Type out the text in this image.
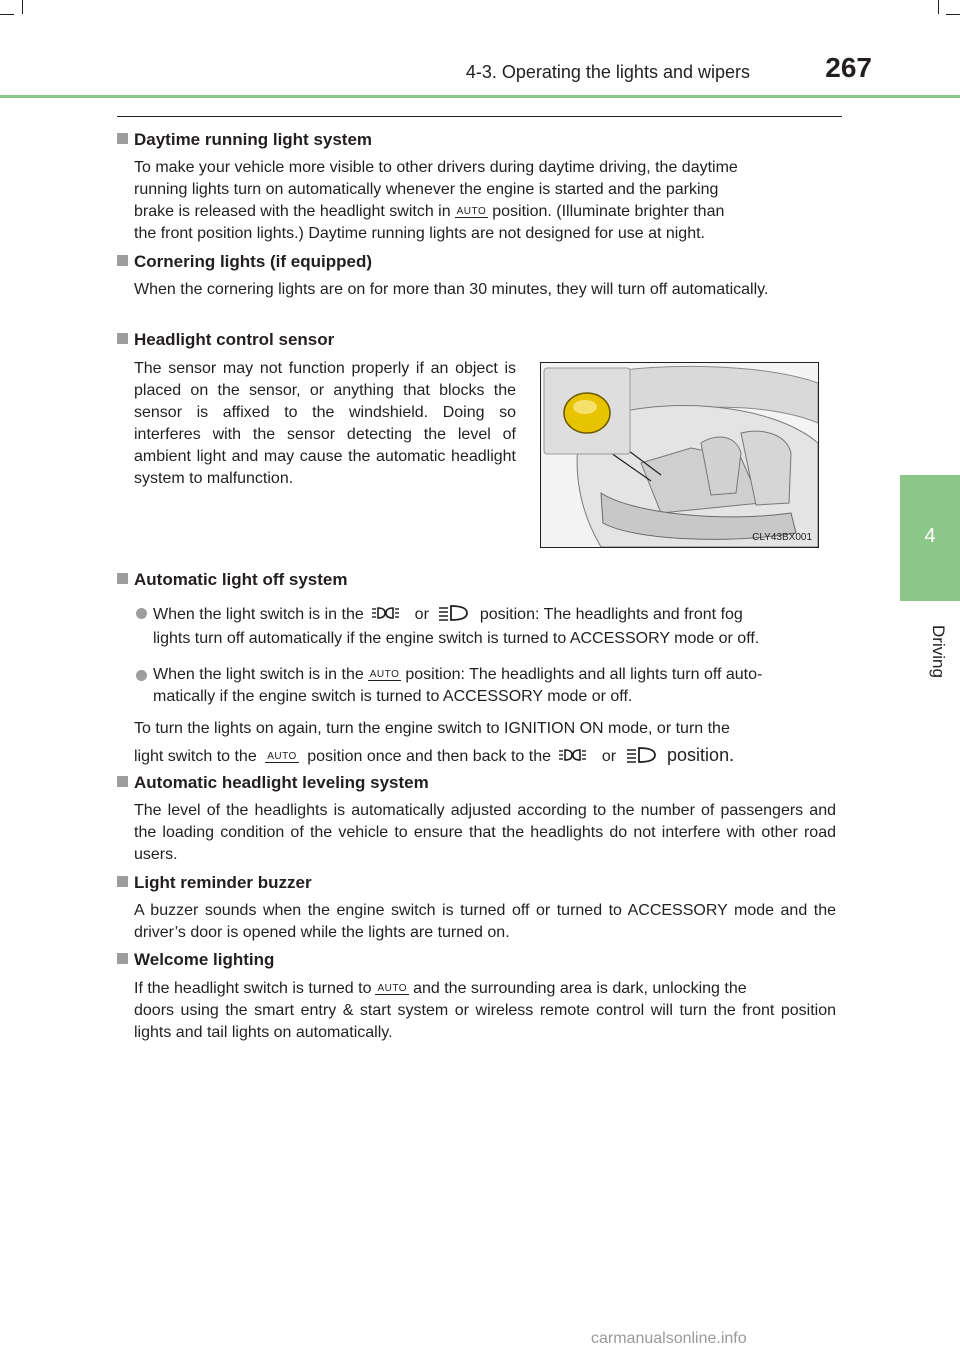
4-3. Operating the lights and wipers	267
4
Driving
Daytime running light system
To make your vehicle more visible to other drivers during daytime driving, the daytime
running lights turn on automatically whenever the engine is started and the parking
brake is released with the headlight switch in AUTO position. (Illuminate brighter than
the front position lights.) Daytime running lights are not designed for use at night.
Cornering lights (if equipped)
When the cornering lights are on for more than 30 minutes, they will turn off automatically.
Headlight control sensor
The sensor may not function properly if an object is placed on the sensor, or anything that blocks the sensor is affixed to the windshield. Doing so interferes with the sensor detecting the level of ambient light and may cause the automatic headlight system to malfunction.
CLY43BX001
Automatic light off system
When the light switch is in the	or	position: The headlights and front fog
lights turn off automatically if the engine switch is turned to ACCESSORY mode or off.
When the light switch is in the AUTO position: The headlights and all lights turn off auto-
matically if the engine switch is turned to ACCESSORY mode or off.
To turn the lights on again, turn the engine switch to IGNITION ON mode, or turn the
light switch to the AUTO position once and then back to the	or	position.
Automatic headlight leveling system
The level of the headlights is automatically adjusted according to the number of passengers and the loading condition of the vehicle to ensure that the headlights do not interfere with other road users.
Light reminder buzzer
A buzzer sounds when the engine switch is turned off or turned to ACCESSORY mode and the driver’s door is opened while the lights are turned on.
Welcome lighting
If the headlight switch is turned to AUTO and the surrounding area is dark, unlocking the
doors using the smart entry & start system or wireless remote control will turn the front position lights and tail lights on automatically.
carmanualsonline.info
